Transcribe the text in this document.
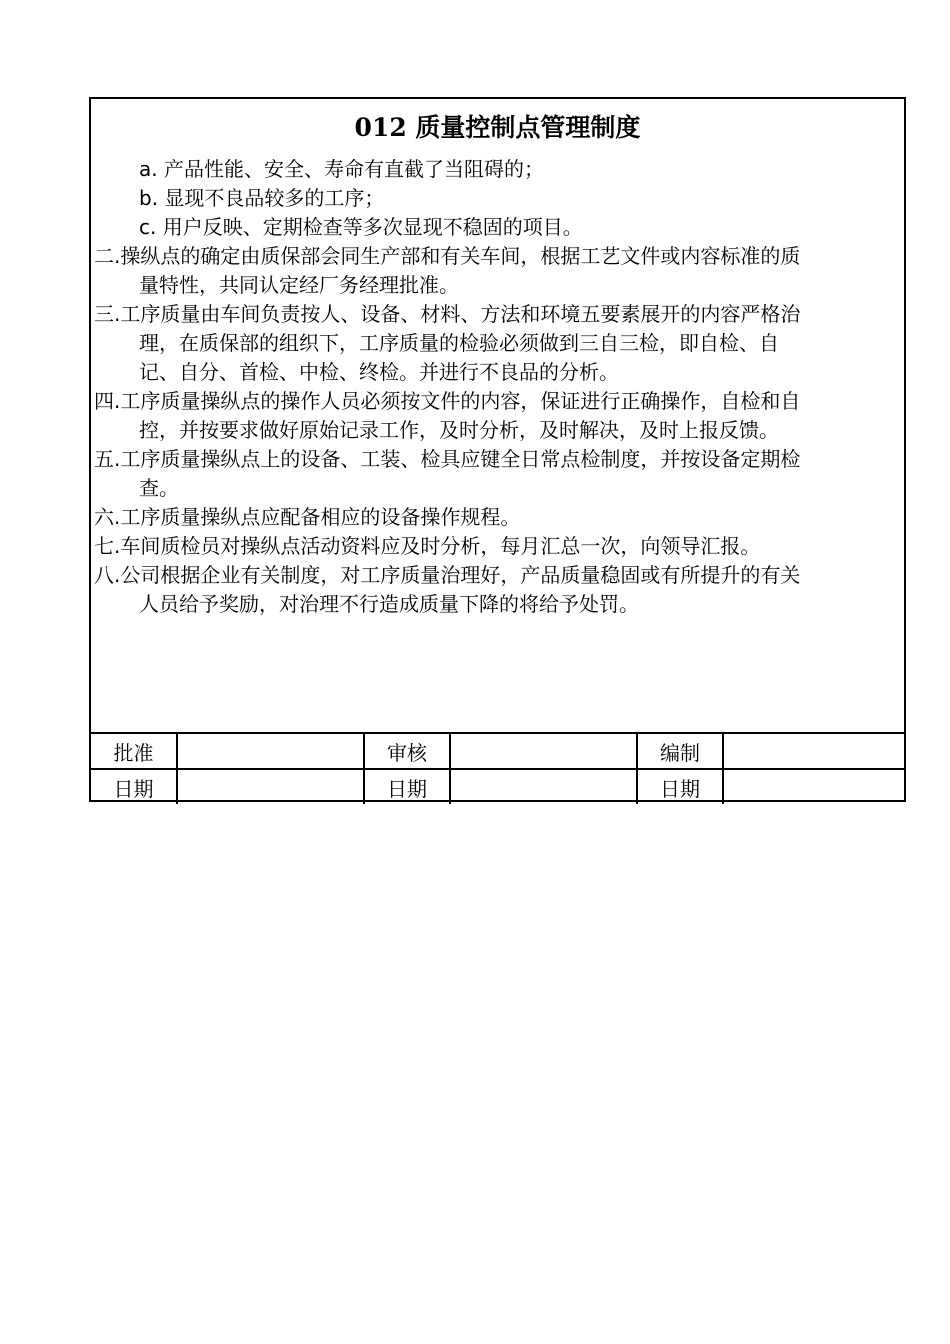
012 质量控制点管理制度
a. 产品性能、安全、寿命有直截了当阻碍的；
b. 显现不良品较多的工序；
c. 用户反映、定期检查等多次显现不稳固的项目。
二.操纵点的确定由质保部会同生产部和有关车间，根据工艺文件或内容标准的质
量特性，共同认定经厂务经理批准。
三.工序质量由车间负责按人、设备、材料、方法和环境五要素展开的内容严格治
理，在质保部的组织下，工序质量的检验必须做到三自三检，即自检、自
记、自分、首检、中检、终检。并进行不良品的分析。
四.工序质量操纵点的操作人员必须按文件的内容，保证进行正确操作，自检和自
控，并按要求做好原始记录工作，及时分析，及时解决，及时上报反馈。
五.工序质量操纵点上的设备、工装、检具应键全日常点检制度，并按设备定期检
查。
六.工序质量操纵点应配备相应的设备操作规程。
七.车间质检员对操纵点活动资料应及时分析，每月汇总一次，向领导汇报。
八.公司根据企业有关制度，对工序质量治理好，产品质量稳固或有所提升的有关
人员给予奖励，对治理不行造成质量下降的将给予处罚。
批准		审核		编制	
日期		日期		日期	
